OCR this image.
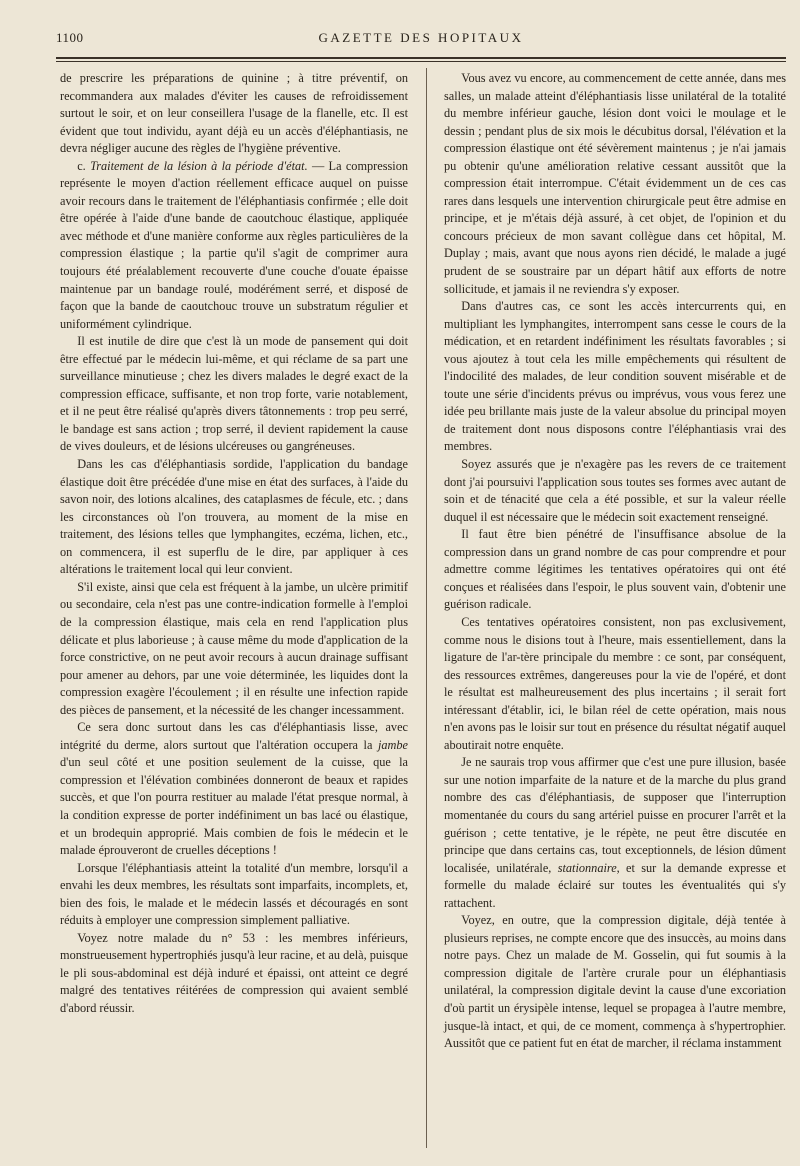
1100	GAZETTE DES HOPITAUX

de prescrire les préparations de quinine ; à titre préventif, on recommandera aux malades d'éviter les causes de refroidissement surtout le soir, et on leur conseillera l'usage de la flanelle, etc. Il est évident que tout individu, ayant déjà eu un accès d'éléphantiasis, ne devra négliger aucune des règles de l'hygiène préventive.

c. Traitement de la lésion à la période d'état. — La compression représente le moyen d'action réellement efficace auquel on puisse avoir recours dans le traitement de l'éléphantiasis confirmée ; elle doit être opérée à l'aide d'une bande de caoutchouc élastique, appliquée avec méthode et d'une manière conforme aux règles particulières de la compression élastique ; la partie qu'il s'agit de comprimer aura toujours été préalablement recouverte d'une couche d'ouate épaisse maintenue par un bandage roulé, modérément serré, et disposé de façon que la bande de caoutchouc trouve un substratum régulier et uniformément cylindrique.

Il est inutile de dire que c'est là un mode de pansement qui doit être effectué par le médecin lui-même, et qui réclame de sa part une surveillance minutieuse ; chez les divers malades le degré exact de la compression efficace, suffisante, et non trop forte, varie notablement, et il ne peut être réalisé qu'après divers tâtonnements : trop peu serré, le bandage est sans action ; trop serré, il devient rapidement la cause de vives douleurs, et de lésions ulcéreuses ou gangréneuses.

Dans les cas d'éléphantiasis sordide, l'application du bandage élastique doit être précédée d'une mise en état des surfaces, à l'aide du savon noir, des lotions alcalines, des cataplasmes de fécule, etc. ; dans les circonstances où l'on trouvera, au moment de la mise en traitement, des lésions telles que lymphangites, eczéma, lichen, etc., on commencera, il est superflu de le dire, par appliquer à ces altérations le traitement local qui leur convient.

S'il existe, ainsi que cela est fréquent à la jambe, un ulcère primitif ou secondaire, cela n'est pas une contre-indication formelle à l'emploi de la compression élastique, mais cela en rend l'application plus délicate et plus laborieuse ; à cause même du mode d'application de la force constrictive, on ne peut avoir recours à aucun drainage suffisant pour amener au dehors, par une voie déterminée, les liquides dont la compression exagère l'écoulement ; il en résulte une infection rapide des pièces de pansement, et la nécessité de les changer incessamment.

Ce sera donc surtout dans les cas d'éléphantiasis lisse, avec intégrité du derme, alors surtout que l'altération occupera la jambe d'un seul côté et une position seulement de la cuisse, que la compression et l'élévation combinées donneront de beaux et rapides succès, et que l'on pourra restituer au malade l'état presque normal, à la condition expresse de porter indéfiniment un bas lacé ou élastique, et un brodequin approprié. Mais combien de fois le médecin et le malade éprouveront de cruelles déceptions !

Lorsque l'éléphantiasis atteint la totalité d'un membre, lorsqu'il a envahi les deux membres, les résultats sont imparfaits, incomplets, et, bien des fois, le malade et le médecin lassés et découragés en sont réduits à employer une compression simplement palliative.

Voyez notre malade du n° 53 : les membres inférieurs, monstrueusement hypertrophiés jusqu'à leur racine, et au delà, puisque le pli sous-abdominal est déjà induré et épaissi, ont atteint ce degré malgré des tentatives réitérées de compression qui avaient semblé d'abord réussir.

Vous avez vu encore, au commencement de cette année, dans mes salles, un malade atteint d'éléphantiasis lisse unilatéral de la totalité du membre inférieur gauche, lésion dont voici le moulage et le dessin ; pendant plus de six mois le décubitus dorsal, l'élévation et la compression élastique ont été sévèrement maintenus ; je n'ai jamais pu obtenir qu'une amélioration relative cessant aussitôt que la compression était interrompue. C'était évidemment un de ces cas rares dans lesquels une intervention chirurgicale peut être admise en principe, et je m'étais déjà assuré, à cet objet, de l'opinion et du concours précieux de mon savant collègue dans cet hôpital, M. Duplay ; mais, avant que nous ayons rien décidé, le malade a jugé prudent de se soustraire par un départ hâtif aux efforts de notre sollicitude, et jamais il ne reviendra s'y exposer.

Dans d'autres cas, ce sont les accès intercurrents qui, en multipliant les lymphangites, interrompent sans cesse le cours de la médication, et en retardent indéfiniment les résultats favorables ; si vous ajoutez à tout cela les mille empêchements qui résultent de l'indocilité des malades, de leur condition souvent misérable et de toute une série d'incidents prévus ou imprévus, vous vous ferez une idée peu brillante mais juste de la valeur absolue du principal moyen de traitement dont nous disposons contre l'éléphantiasis vrai des membres.

Soyez assurés que je n'exagère pas les revers de ce traitement dont j'ai poursuivi l'application sous toutes ses formes avec autant de soin et de ténacité que cela a été possible, et sur la valeur réelle duquel il est nécessaire que le médecin soit exactement renseigné.

Il faut être bien pénétré de l'insuffisance absolue de la compression dans un grand nombre de cas pour comprendre et pour admettre comme légitimes les tentatives opératoires qui ont été conçues et réalisées dans l'espoir, le plus souvent vain, d'obtenir une guérison radicale.

Ces tentatives opératoires consistent, non pas exclusivement, comme nous le disions tout à l'heure, mais essentiellement, dans la ligature de l'ar-tère principale du membre : ce sont, par conséquent, des ressources extrêmes, dangereuses pour la vie de l'opéré, et dont le résultat est malheureusement des plus incertains ; il serait fort intéressant d'établir, ici, le bilan réel de cette opération, mais nous n'en avons pas le loisir sur tout en présence du résultat négatif auquel aboutirait notre enquête.

Je ne saurais trop vous affirmer que c'est une pure illusion, basée sur une notion imparfaite de la nature et de la marche du plus grand nombre des cas d'éléphantiasis, de supposer que l'interruption momentanée du cours du sang artériel puisse en procurer l'arrêt et la guérison ; cette tentative, je le répète, ne peut être discutée en principe que dans certains cas, tout exceptionnels, de lésion dûment localisée, unilatérale, stationnaire, et sur la demande expresse et formelle du malade éclairé sur toutes les éventualités qui s'y rattachent.

Voyez, en outre, que la compression digitale, déjà tentée à plusieurs reprises, ne compte encore que des insuccès, au moins dans notre pays. Chez un malade de M. Gosselin, qui fut soumis à la compression digitale de l'artère crurale pour un éléphantiasis unilatéral, la compression digitale devint la cause d'une excoriation d'où partit un érysipèle intense, lequel se propagea à l'autre membre, jusque-là intact, et qui, de ce moment, commença à s'hypertrophier. Aussitôt que ce patient fut en état de marcher, il réclama instamment
